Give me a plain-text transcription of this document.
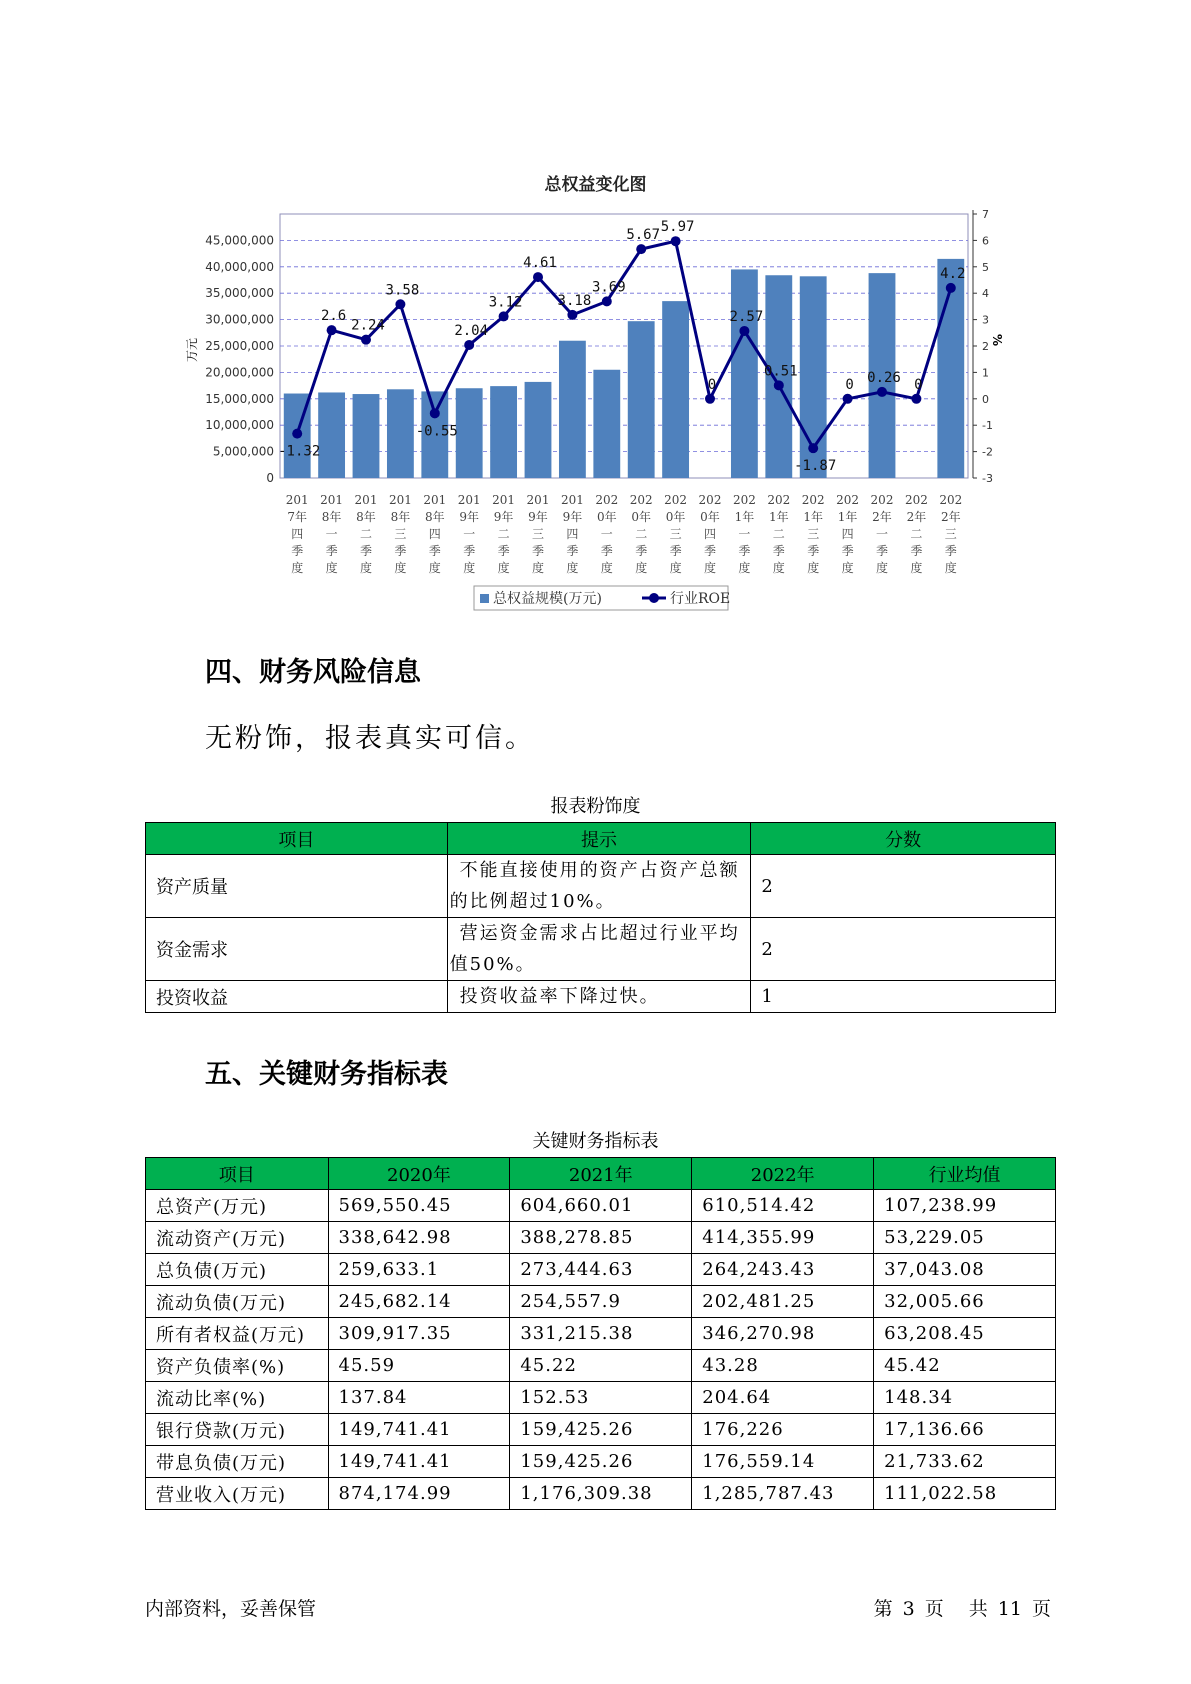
总权益变化图
0
5,000,000
10,000,000
15,000,000
20,000,000
25,000,000
30,000,000
35,000,000
40,000,000
45,000,000
-3
-2
-1
0
1
2
3
4
5
6
7
万元	%
-1.32
2.6
2.24
3.58
-0.55
2.04
3.12
4.61
3.18
3.69
5.67 5.97
0
2.57
0.51
-1.87
0 0.26 0
4.2
201
7年
四
季
度
201
8年
一
季
度
201
8年
二
季
度
201
8年
三
季
度
201
8年
四
季
度
201
9年
一
季
度
201
9年
二
季
度
201
9年
三
季
度
201
9年
四
季
度
202
0年
一
季
度
202
0年
二
季
度
202
0年
三
季
度
202
0年
四
季
度
202
1年
一
季
度
202
1年
二
季
度
202
1年
三
季
度
202
1年
四
季
度
202
2年
一
季
度
202
2年
二
季
度
202
2年
三
季
度
总权益规模(万元)	行业ROE
四、财务风险信息
无粉饰，报表真实可信。
报表粉饰度
项目	提示	分数
资产质量	不能直接使用的资产占资产总额
的比例超过10%。	2
资金需求	营运资金需求占比超过行业平均
值50%。	2
投资收益	投资收益率下降过快。	1
五、关键财务指标表
关键财务指标表
项目	2020年	2021年	2022年	行业均值
总资产(万元)	569,550.45	604,660.01	610,514.42	107,238.99
流动资产(万元)	338,642.98	388,278.85	414,355.99	53,229.05
总负债(万元)	259,633.1	273,444.63	264,243.43	37,043.08
流动负债(万元)	245,682.14	254,557.9	202,481.25	32,005.66
所有者权益(万元)	309,917.35	331,215.38	346,270.98	63,208.45
资产负债率(%)	45.59	45.22	43.28	45.42
流动比率(%)	137.84	152.53	204.64	148.34
银行贷款(万元)	149,741.41	159,425.26	176,226	17,136.66
带息负债(万元)	149,741.41	159,425.26	176,559.14	21,733.62
营业收入(万元)	874,174.99	1,176,309.38	1,285,787.43	111,022.58
内部资料，妥善保管	第 3 页 共 11 页
